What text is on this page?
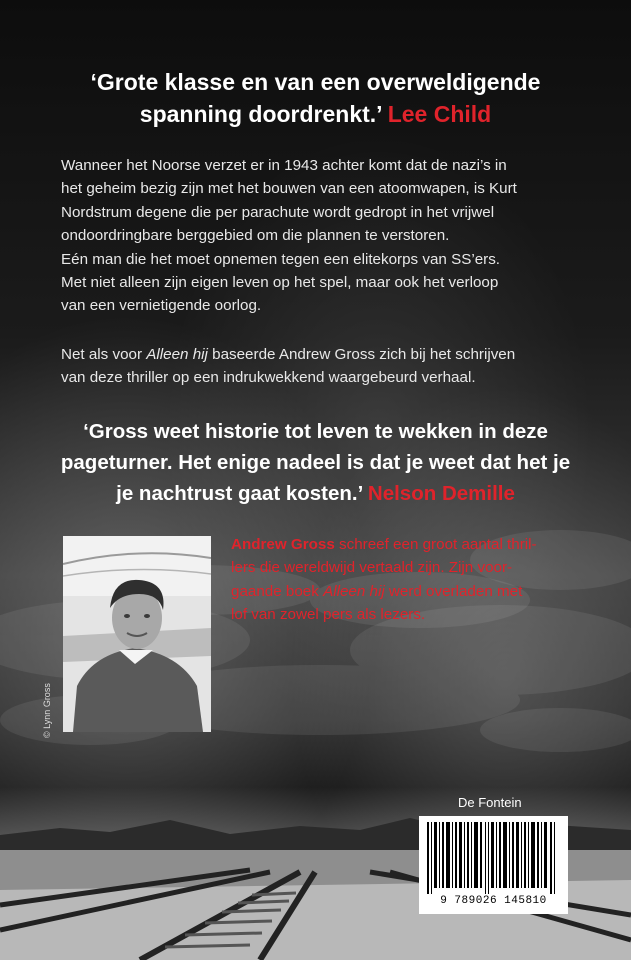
‘Grote klasse en van een overweldigende spanning doordrenkt.’ Lee Child

Wanneer het Noorse verzet er in 1943 achter komt dat de nazi’s in

het geheim bezig zijn met het bouwen van een atoomwapen, is Kurt

Nordstrum degene die per parachute wordt gedropt in het vrijwel

ondoordringbare berggebied om die plannen te verstoren.

Eén man die het moet opnemen tegen een elitekorps van SS’ers.

Met niet alleen zijn eigen leven op het spel, maar ook het verloop

van een vernietigende oorlog.

Net als voor Alleen hij baseerde Andrew Gross zich bij het schrijven

van deze thriller op een indrukwekkend waargebeurd verhaal.

‘Gross weet historie tot leven te wekken in deze
pageturner. Het enige nadeel is dat je weet dat het je
je nachtrust gaat kosten.’ Nelson Demille
© Lynn Gross
Andrew Gross schreef een groot aantal thril-
lers die wereldwijd vertaald zijn. Zijn voor-
gaande boek Alleen hij werd overladen met
lof van zowel pers als lezers.
De Fontein
9 789026 145810
